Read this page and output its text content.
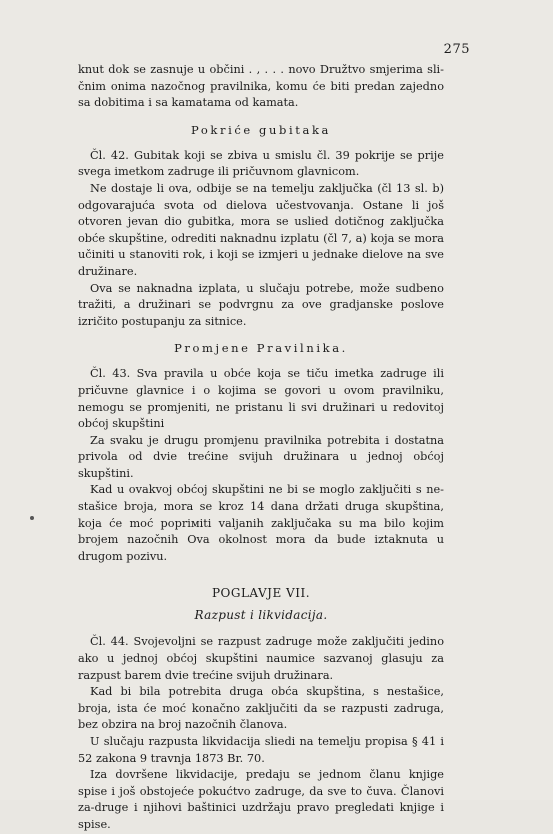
275

knut dok se zasnuje u občini . , . . . novo Družtvo smjerima sli-čnim onima nazočnog pravilnika, komu će biti predan zajedno sa dobitima i sa kamatama od kamata.

Pokriće gubitaka

Čl. 42. Gubitak koji se zbiva u smislu čl. 39 pokrije se prije svega imetkom zadruge ili pričuvnom glavnicom.

Ne dostaje li ova, odbije se na temelju zaključka (čl 13 sl. b) odgovarajuća svota od dielova učestvovanja. Ostane li još otvoren jevan dio gubitka, mora se uslied dotičnog zaključka obće skupštine, odrediti naknadnu izplatu (čl 7, a) koja se mora učiniti u stanoviti rok, i koji se izmjeri u jednake dielove na sve družinare.

Ova se naknadna izplata, u slučaju potrebe, može sudbeno tražiti, a družinari se podvrgnu za ove gradjanske poslove izričito postupanju za sitnice.

Promjene Pravilnika.

Čl. 43. Sva pravila u obće koja se tiču imetka zadruge ili pričuvne glavnice i o kojima se govori u ovom pravilniku, nemogu se promjeniti, ne pristanu li svi družinari u redovitoj obćoj skupštini

Za svaku je drugu promjenu pravilnika potrebita i dostatna privola od dvie trećine svijuh družinara u jednoj obćoj skupštini.

Kad u ovakvoj obćoj skupštini ne bi se moglo zaključiti s ne-stašice broja, mora se kroz 14 dana držati druga skupština, koja će moć popriміti valjanih zaključaka su ma bilo kojim brojem nazočnih Ova okolnost mora da bude iztaknuta u drugom pozivu.

POGLAVJE VII.

Razpust i likvidacija.

Čl. 44. Svojevoljni se razpust zadruge može zaključiti jedino ako u jednoj obćoj skupštini naumice sazvanoj glasuju za razpust barem dvie trećine svijuh družinara.

Kad bi bila potrebita druga obća skupština, s nestašice, broja, ista će moć konačno zaključiti da se razpusti zadruga, bez obzira na broj nazočnih članova.

U slučaju razpusta likvidacija sliedi na temelju propisa § 41 i 52 zakona 9 travnja 1873 Br. 70.

Iza dovršene likvidacije, predaju se jednom članu knjige spise i još obstojeće pokućtvo zadruge, da sve to čuva. Članovi za-druge i njihovi baštinici uzdržaju pravo pregledati knjige i spise.
